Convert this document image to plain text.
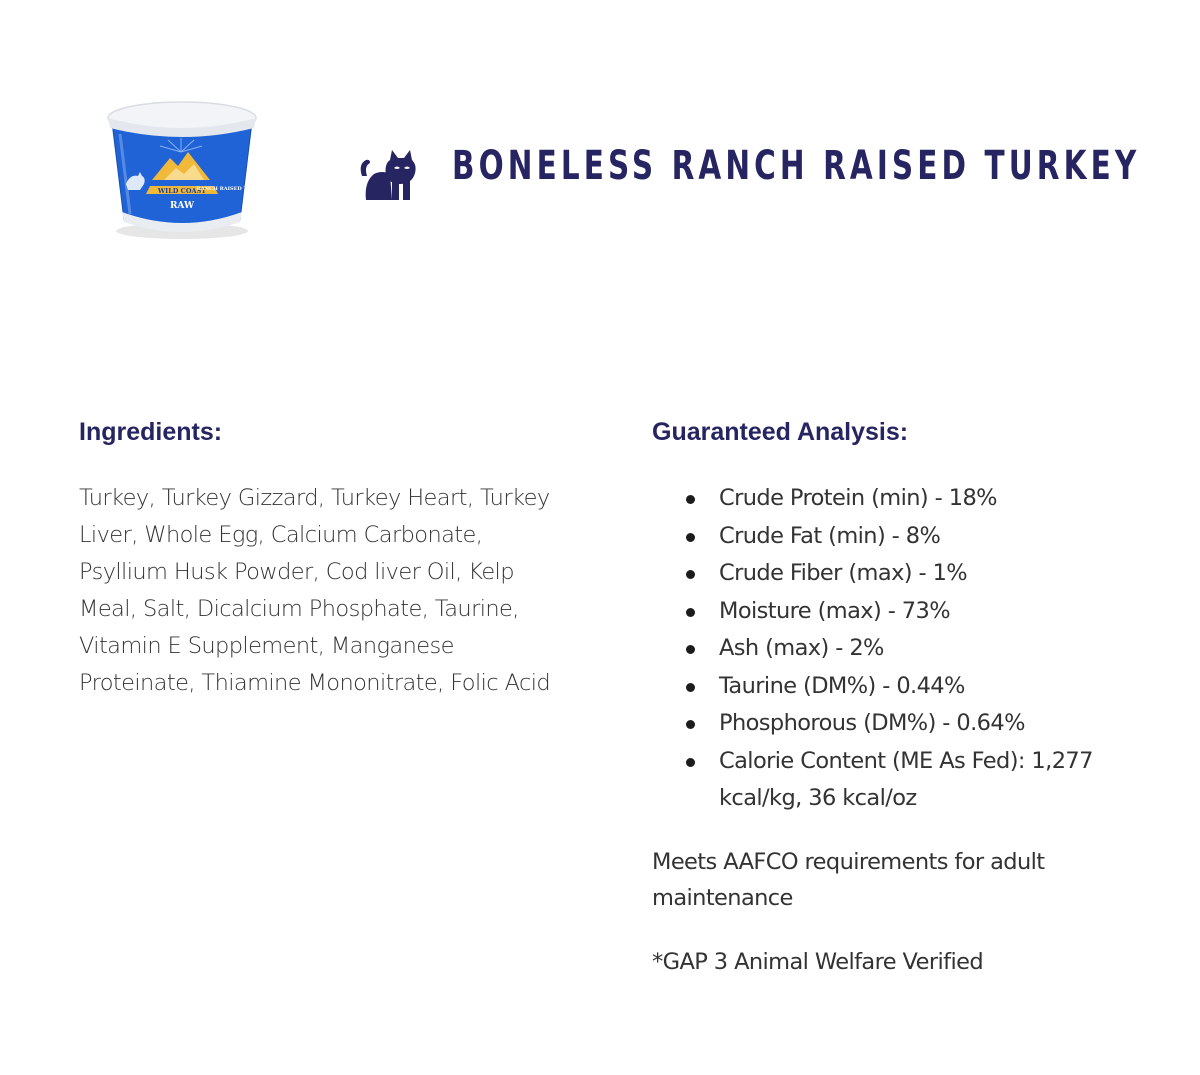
WILD COAST
RAW
RANCH RAISED TURKEY	BONELESS RANCH RAISED TURKEY
Ingredients:

Turkey, Turkey Gizzard, Turkey Heart, Turkey Liver, Whole Egg, Calcium Carbonate, Psyllium Husk Powder, Cod liver Oil, Kelp Meal, Salt, Dicalcium Phosphate, Taurine, Vitamin E Supplement, Manganese Proteinate, Thiamine Mononitrate, Folic Acid

Guaranteed Analysis:
Crude Protein (min) - 18%
Crude Fat (min) - 8%
Crude Fiber (max) - 1%
Moisture (max) - 73%
Ash (max) - 2%
Taurine (DM%) - 0.44%
Phosphorous (DM%) - 0.64%
Calorie Content (ME As Fed): 1,277 kcal/kg, 36 kcal/oz

Meets AAFCO requirements for adult maintenance

*GAP 3 Animal Welfare Verified
